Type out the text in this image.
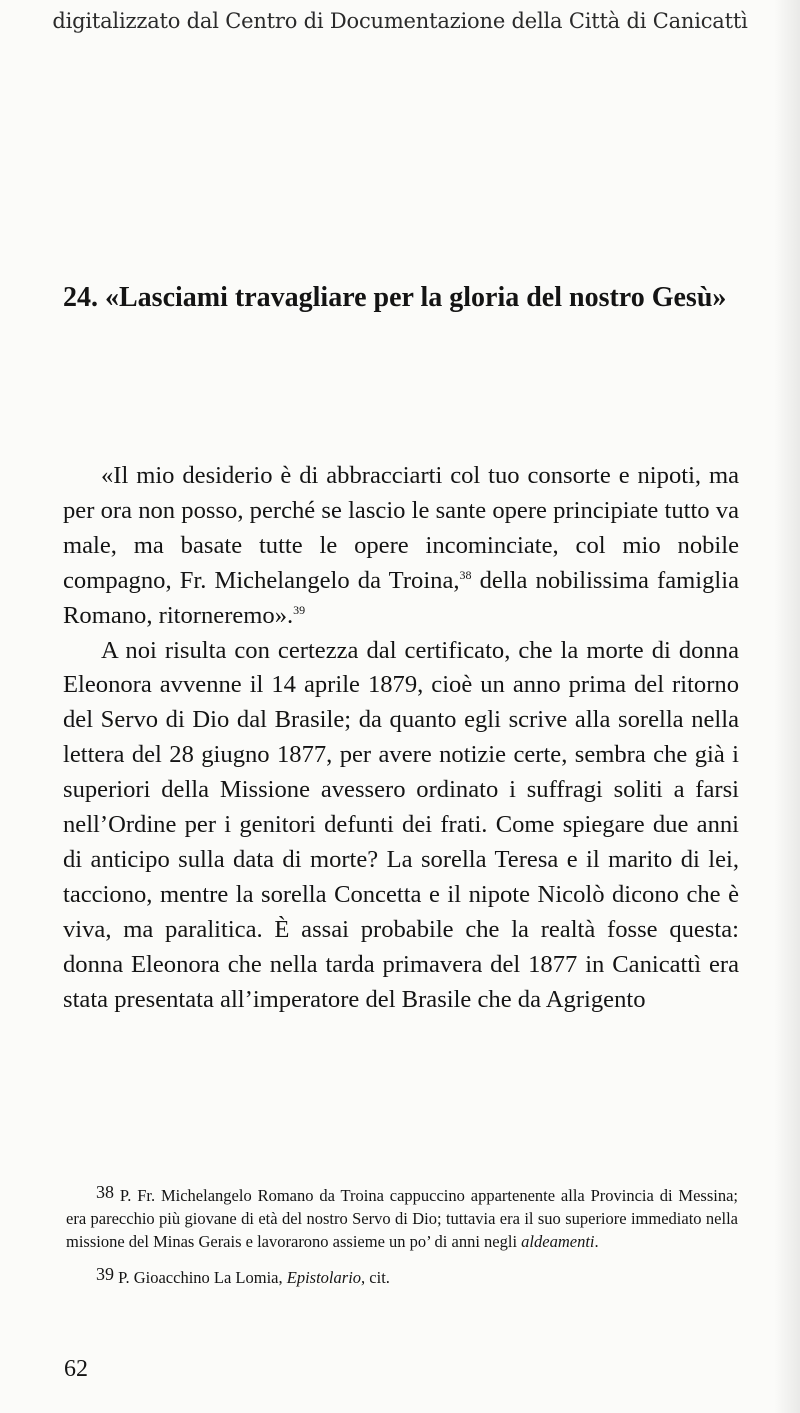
digitalizzato dal Centro di Documentazione della Città di Canicattì
24. «Lasciami travagliare per la gloria del nostro Gesù»

«Il mio desiderio è di abbracciarti col tuo consorte e nipoti, ma per ora non posso, perché se lascio le sante opere principiate tutto va male, ma basate tutte le opere incominciate, col mio nobile compagno, Fr. Michelangelo da Troina,$^{38}$ della nobilissima famiglia Romano, ritorneremo».$^{39}$

A noi risulta con certezza dal certificato, che la morte di donna Eleonora avvenne il 14 aprile 1879, cioè un anno prima del ritorno del Servo di Dio dal Brasile; da quanto egli scrive alla sorella nella lettera del 28 giugno 1877, per avere notizie certe, sembra che già i superiori della Missione avessero ordinato i suffragi soliti a farsi nell’Ordine per i genitori defunti dei frati. Come spiegare due anni di anticipo sulla data di morte? La sorella Teresa e il marito di lei, tacciono, mentre la sorella Concetta e il nipote Nicolò dicono che è viva, ma paralitica. È assai probabile che la realtà fosse questa: donna Eleonora che nella tarda primavera del 1877 in Canicattì era stata presentata all’imperatore del Brasile che da Agrigento

38 P. Fr. Michelangelo Romano da Troina cappuccino appartenente alla Provincia di Messina; era parecchio più giovane di età del nostro Servo di Dio; tuttavia era il suo superiore immediato nella missione del Minas Gerais e lavorarono assieme un po’ di anni negli aldeamenti.

39 P. Gioacchino La Lomia, Epistolario, cit.

62
